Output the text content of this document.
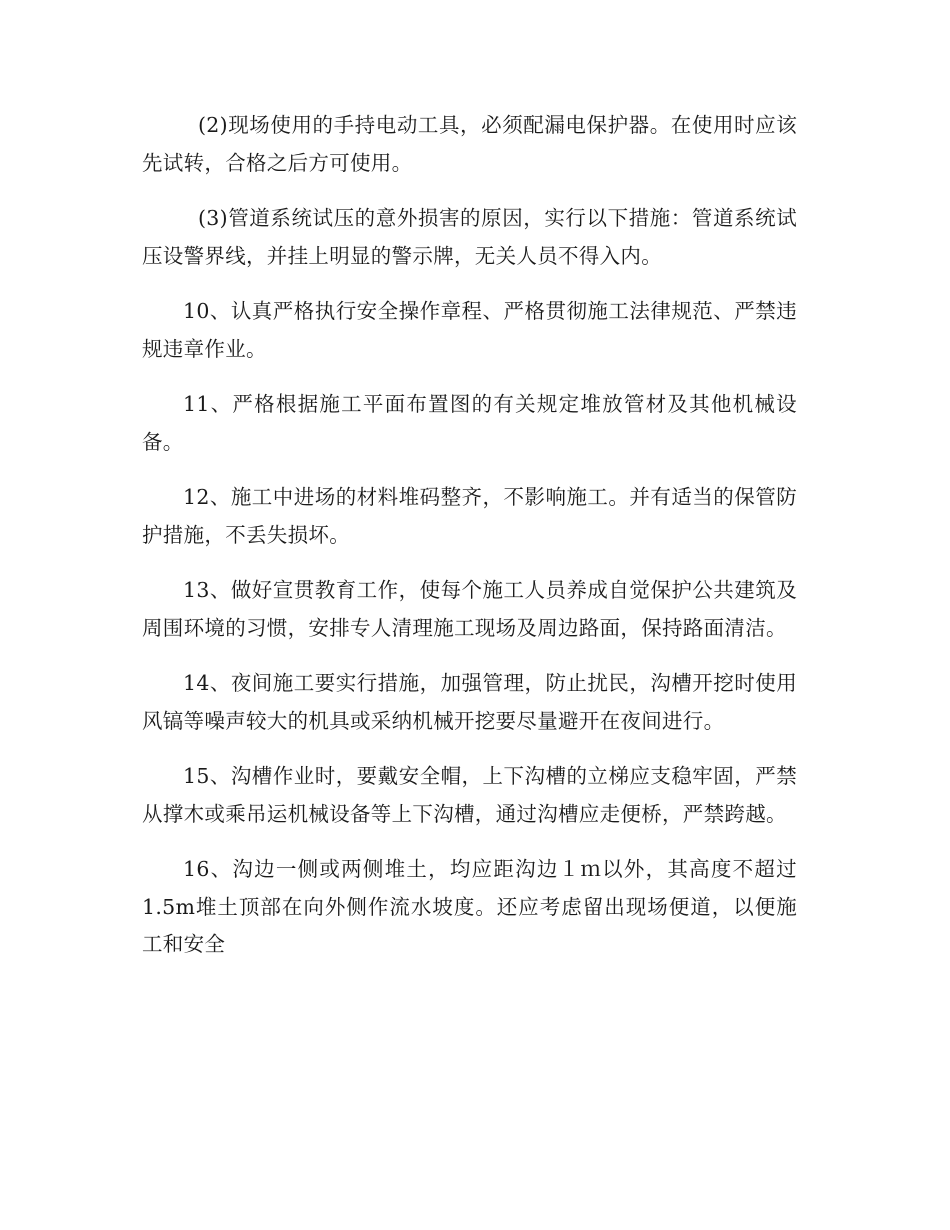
(2)现场使用的手持电动工具，必须配漏电保护器。在使用时应该先试转，合格之后方可使用。

(3)管道系统试压的意外损害的原因，实行以下措施：管道系统试压设警界线，并挂上明显的警示牌，无关人员不得入内。

10、认真严格执行安全操作章程、严格贯彻施工法律规范、严禁违规违章作业。

11、严格根据施工平面布置图的有关规定堆放管材及其他机械设备。

12、施工中进场的材料堆码整齐，不影响施工。并有适当的保管防护措施，不丢失损坏。

13、做好宣贯教育工作，使每个施工人员养成自觉保护公共建筑及周围环境的习惯，安排专人清理施工现场及周边路面，保持路面清洁。

14、夜间施工要实行措施，加强管理，防止扰民，沟槽开挖时使用风镐等噪声较大的机具或采纳机械开挖要尽量避开在夜间进行。

15、沟槽作业时，要戴安全帽，上下沟槽的立梯应支稳牢固，严禁从撑木或乘吊运机械设备等上下沟槽，通过沟槽应走便桥，严禁跨越。

16、沟边一侧或两侧堆土，均应距沟边１ｍ以外，其高度不超过1.5m堆土顶部在向外侧作流水坡度。还应考虑留出现场便道，以便施工和安全
